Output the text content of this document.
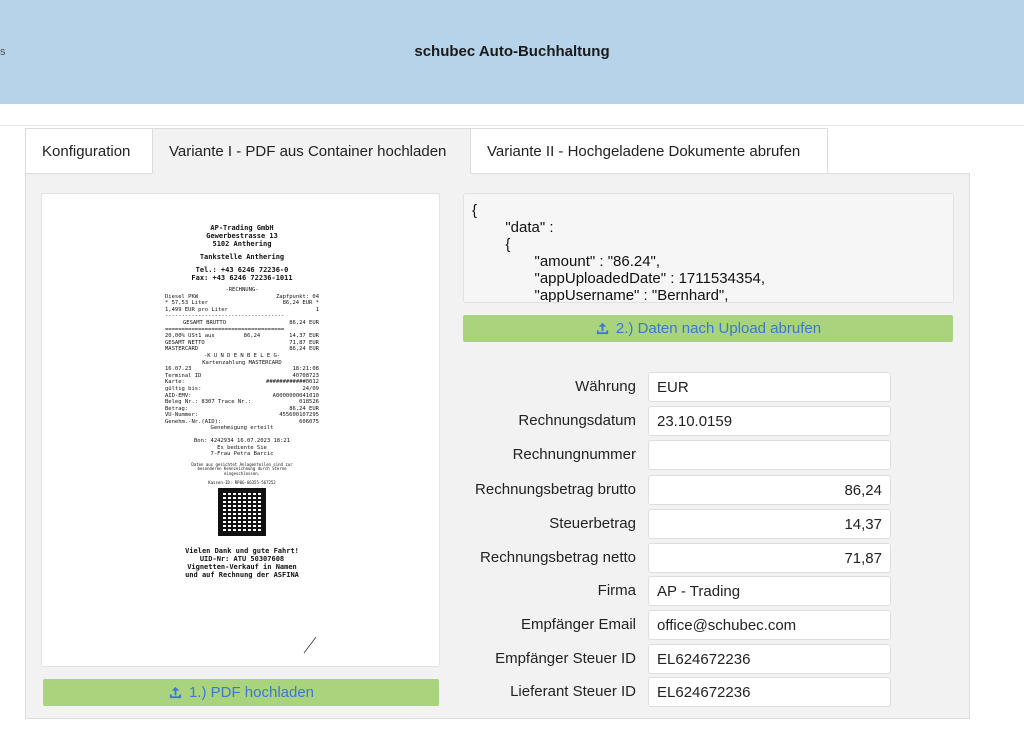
schubec Auto-Buchhaltung
s
Konfiguration	Variante I - PDF aus Container hochladen	Variante II - Hochgeladene Dokumente abrufen
AP-Trading GmbH
Gewerbestrasse 13
5102 Anthering
Tankstelle Anthering
Tel.: +43 6246 72236-0
Fax: +43 6246 72236-1011
-RECHNUNG-
Diesel PKW	Zapfpunkt: 04
* 57,53 Liter	86,24 EUR *
1,499 EUR pro Liter	1
------------------------------------
GESAMT BRUTTO	86,24 EUR
====================================
20,00% USt1 aus	86,24	14,37 EUR
GESAMT NETTO	71,87 EUR
MASTERCARD	86,24 EUR
-K U N D E N B E L E G-
Kartenzahlung MASTERCARD
16.07.23	18:21:08
Terminal ID	40708723
Karte:	############0012
gültig bis:	24/09
AID-EMV:	A0000000041010
Beleg Nr.: 8307 Trace Nr.:	018526
Betrag:	86,24 EUR
VU-Nummer:	455600107295
Genehm.-Nr.(AID):	606075
Genehmigung erteilt
Bon: 4242934 16.07.2023 18:21
Es bediente Sie
7-Frau Petra Barcic
Daten aus gesichtet Anlagenteilen sind zur
besonderen Kennzeichnung durch Sterne
eingeschlossen.
Kassen-ID: RP0G-66355-567252
Vielen Dank und gute Fahrt!
UID-Nr: ATU 50307608
Vignetten-Verkauf in Namen
und auf Rechnung der ASFINA
1.) PDF hochladen
{
"data" :
{
"amount" : "86.24",
"appUploadedDate" : 1711534354,
"appUsername" : "Bernhard",
2.) Daten nach Upload abrufen
Währung	EUR
Rechnungsdatum	23.10.0159
Rechnungnummer
Rechnungsbetrag brutto	86,24
Steuerbetrag	14,37
Rechnungsbetrag netto	71,87
Firma	AP - Trading
Empfänger Email	office@schubec.com
Empfänger Steuer ID	EL624672236
Lieferant Steuer ID	EL624672236
